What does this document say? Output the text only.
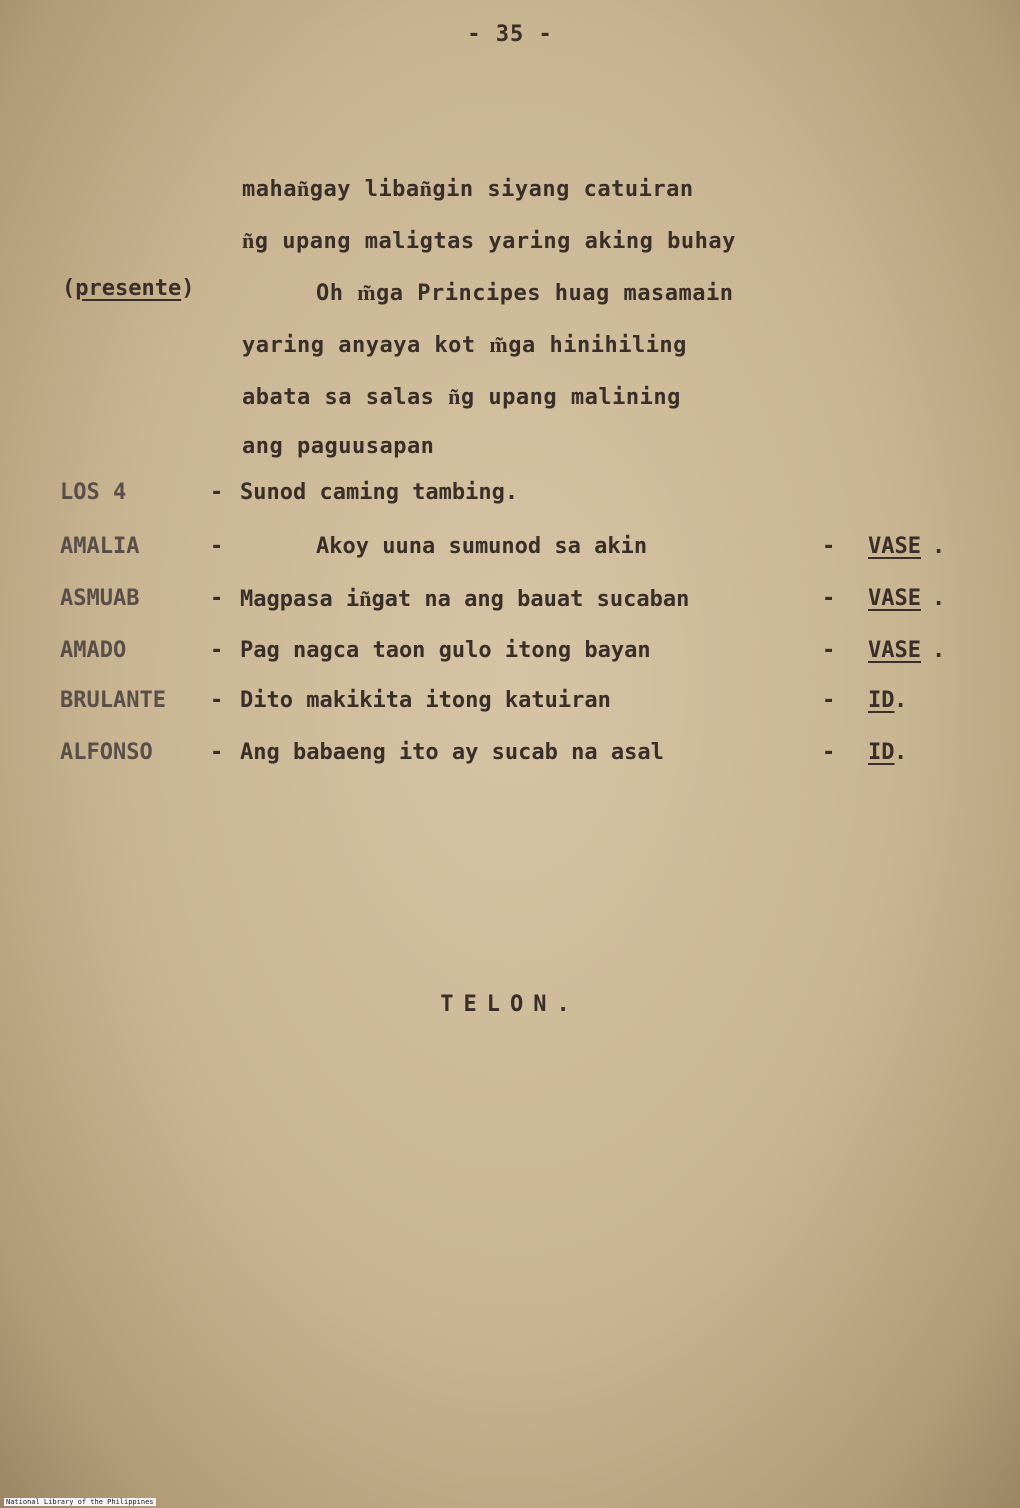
- 35 -
mahan͂gay liban͂gin siyang catuiran
n͂g upang maligtas yaring aking buhay
(presente)	Oh m͂ga Principes huag masamain
yaring anyaya kot m͂ga hinihiling
abata sa salas n͂g upang malining
ang paguusapan
LOS 4	- Sunod caming tambing.
AMALIA	-	Akoy uuna sumunod sa akin	- VASE .
ASMUAB	- Magpasa in͂gat na ang bauat sucaban	- VASE .
AMADO	- Pag nagca taon gulo itong bayan	- VASE .
BRULANTE - Dito makikita itong katuiran	- ID .
ALFONSO	- Ang babaeng ito ay sucab na asal	- ID .
TELON.
National Library of the Philippines
